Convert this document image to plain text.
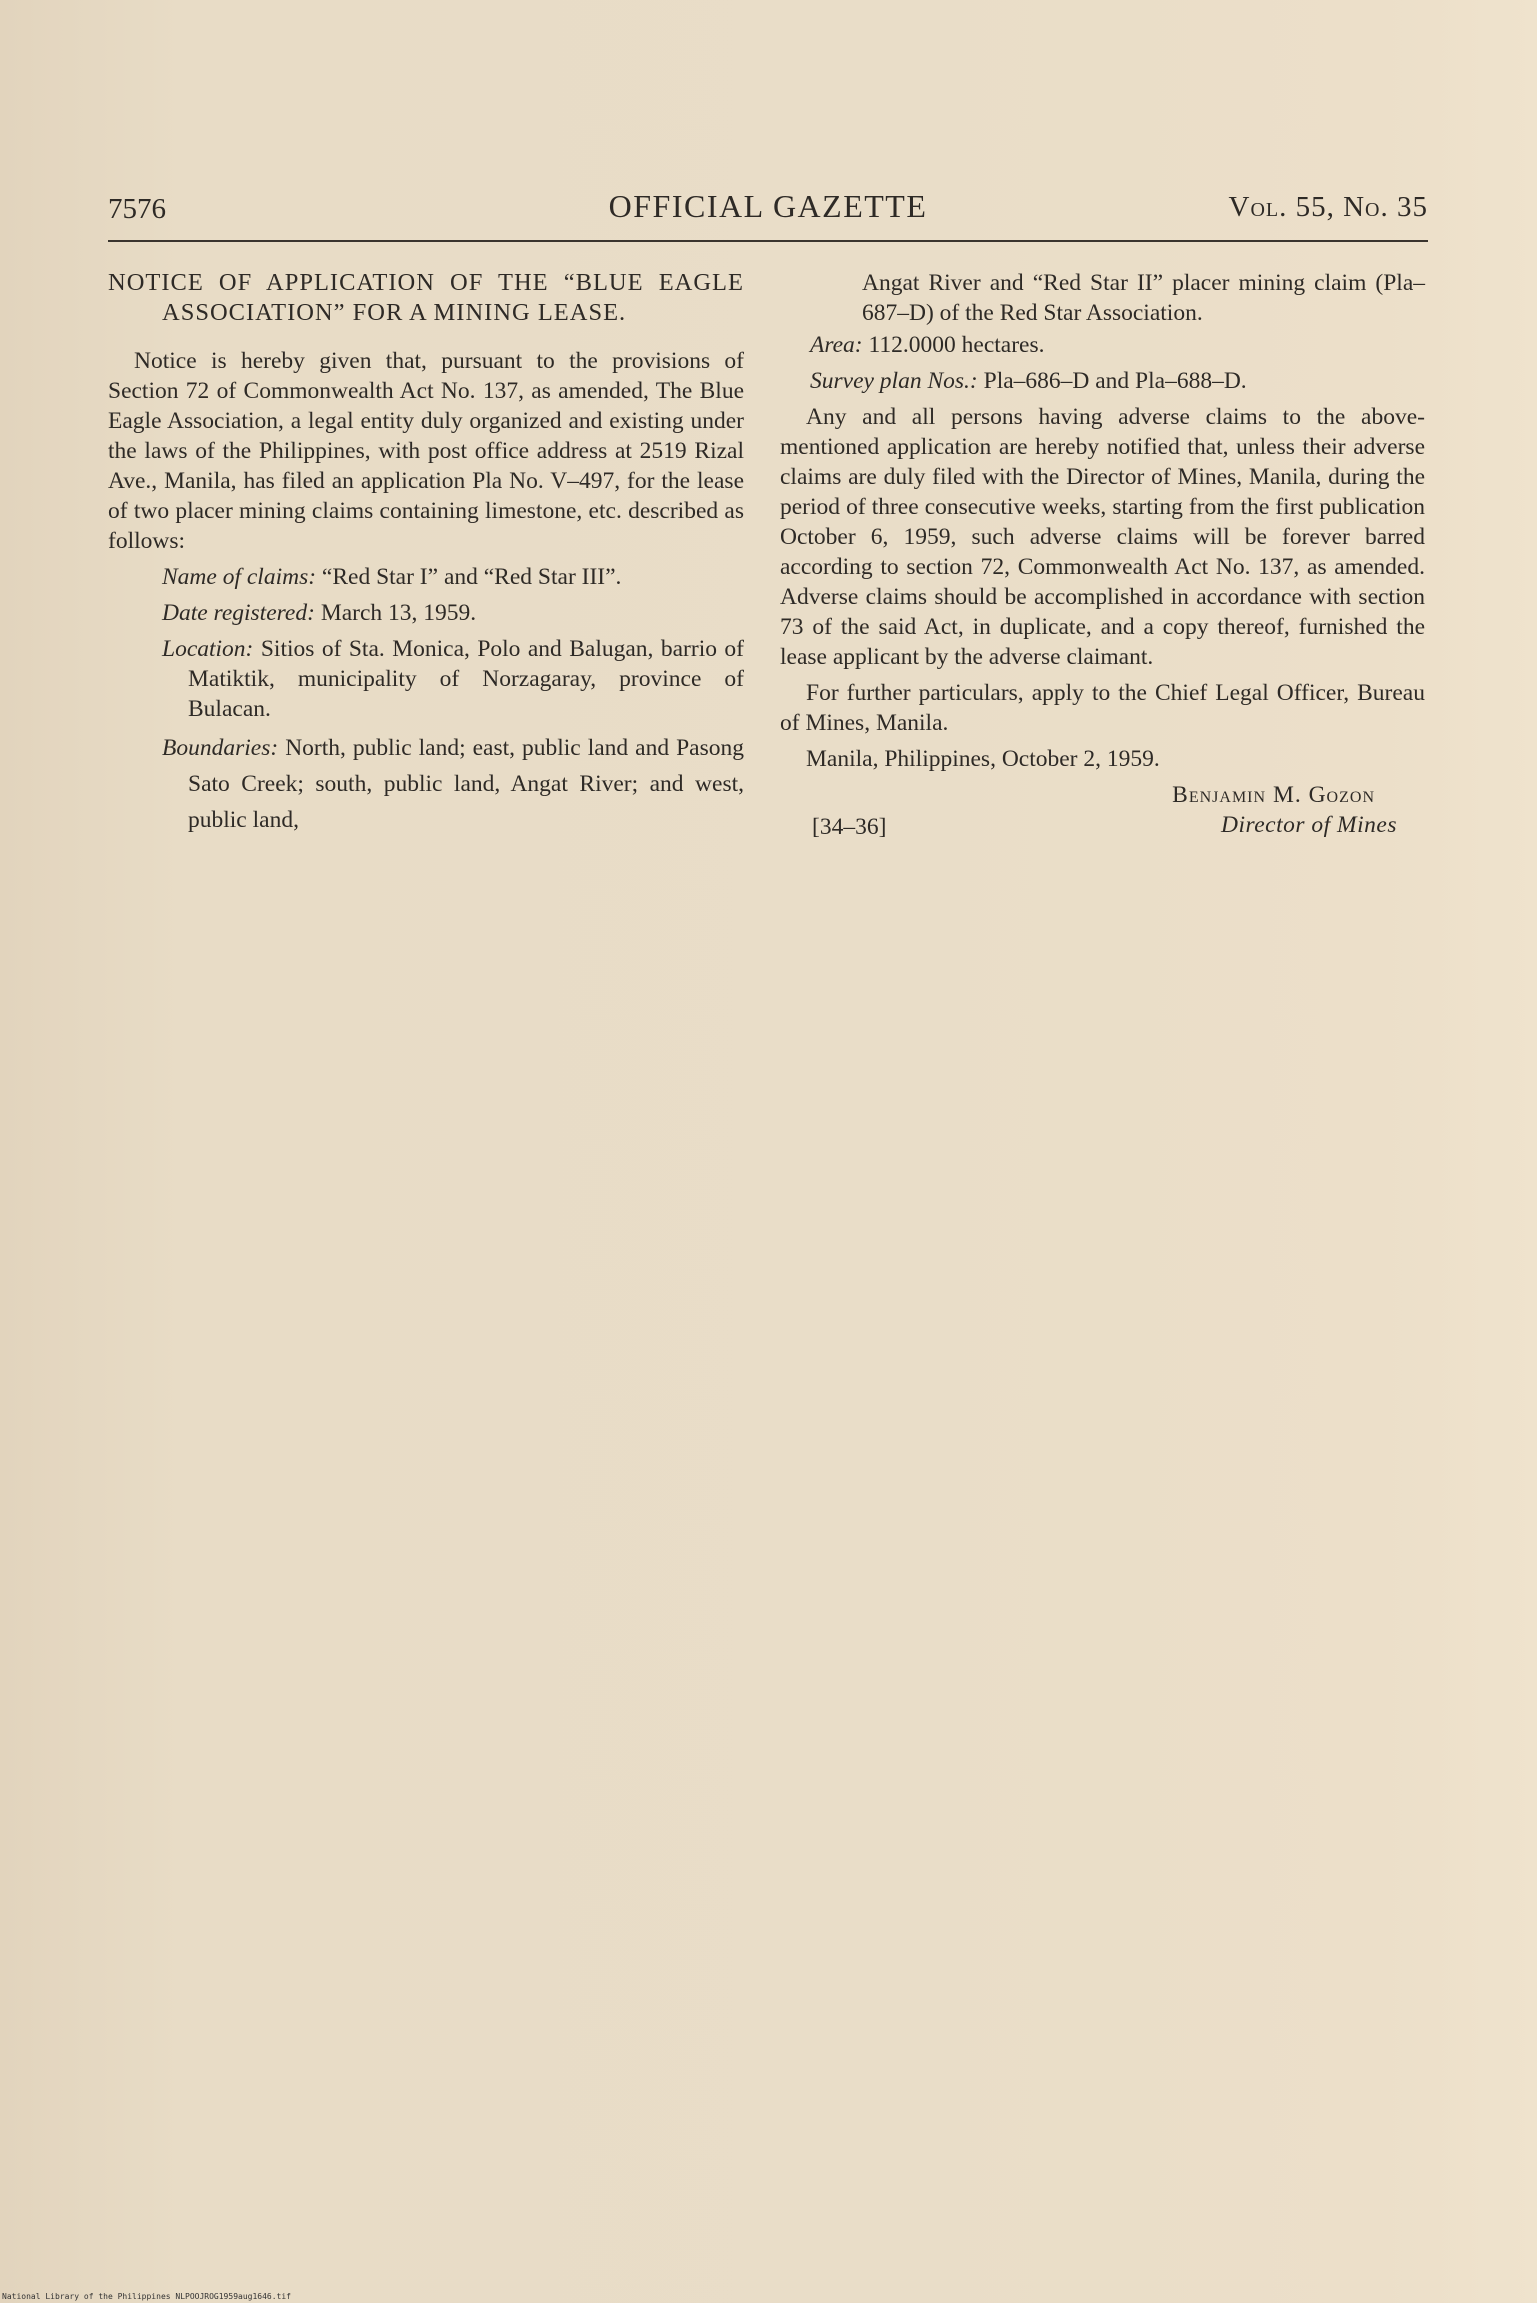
7576	OFFICIAL GAZETTE	Vol. 55, No. 35

NOTICE OF APPLICATION OF THE “BLUE EAGLE ASSOCIATION” FOR A MINING LEASE.

Notice is hereby given that, pursuant to the provisions of Section 72 of Commonwealth Act No. 137, as amended, The Blue Eagle Association, a legal entity duly organized and existing under the laws of the Philippines, with post office address at 2519 Rizal Ave., Manila, has filed an application Pla No. V–497, for the lease of two placer mining claims containing limestone, etc. described as follows:

Name of claims: “Red Star I” and “Red Star III”.

Date registered: March 13, 1959.

Location: Sitios of Sta. Monica, Polo and Balugan, barrio of Matiktik, municipality of Norzagaray, province of Bulacan.

Boundaries: North, public land; east, public land and Pasong Sato Creek; south, public land, Angat River; and west, public land,

Angat River and “Red Star II” placer mining claim (Pla–687–D) of the Red Star Association.

Area: 112.0000 hectares.

Survey plan Nos.: Pla–686–D and Pla–688–D.

Any and all persons having adverse claims to the above-mentioned application are hereby notified that, unless their adverse claims are duly filed with the Director of Mines, Manila, during the period of three consecutive weeks, starting from the first publication October 6, 1959, such adverse claims will be forever barred according to section 72, Commonwealth Act No. 137, as amended. Adverse claims should be accomplished in accordance with section 73 of the said Act, in duplicate, and a copy thereof, furnished the lease applicant by the adverse claimant.

For further particulars, apply to the Chief Legal Officer, Bureau of Mines, Manila.

Manila, Philippines, October 2, 1959.

Benjamin M. Gozon
Director of Mines
[34–36]
National Library of the Philippines NLPOOJROG1959aug1646.tif
